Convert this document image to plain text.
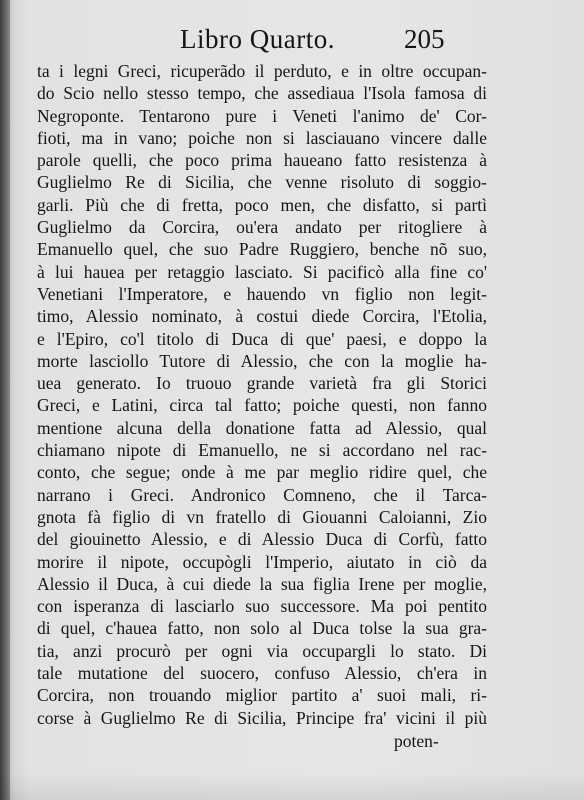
Libro Quarto.	205
ta i legni Greci, ricuperãdo il perduto, e in oltre occupan-
do Scio nello stesso tempo, che assediaua l'Isola famosa di
Negroponte. Tentarono pure i Veneti l'animo de' Cor-
fioti, ma in vano; poiche non si lasciauano vincere dalle
parole quelli, che poco prima haueano fatto resistenza à
Guglielmo Re di Sicilia, che venne risoluto di soggio-
garli. Più che di fretta, poco men, che disfatto, si partì
Guglielmo da Corcira, ou'era andato per ritogliere à
Emanuello quel, che suo Padre Ruggiero, benche nõ suo,
à lui hauea per retaggio lasciato. Si pacificò alla fine co'
Venetiani l'Imperatore, e hauendo vn figlio non legit-
timo, Alessio nominato, à costui diede Corcira, l'Etolia,
e l'Epiro, co'l titolo di Duca di que' paesi, e doppo la
morte lasciollo Tutore di Alessio, che con la moglie ha-
uea generato. Io truouo grande varietà fra gli Storici
Greci, e Latini, circa tal fatto; poiche questi, non fanno
mentione alcuna della donatione fatta ad Alessio, qual
chiamano nipote di Emanuello, ne si accordano nel rac-
conto, che segue; onde à me par meglio ridire quel, che
narrano i Greci. Andronico Comneno, che il Tarca-
gnota fà figlio di vn fratello di Giouanni Caloianni, Zio
del giouinetto Alessio, e di Alessio Duca di Corfù, fatto
morire il nipote, occupògli l'Imperio, aiutato in ciò da
Alessio il Duca, à cui diede la sua figlia Irene per moglie,
con isperanza di lasciarlo suo successore. Ma poi pentito
di quel, c'hauea fatto, non solo al Duca tolse la sua gra-
tia, anzi procurò per ogni via occupargli lo stato. Di
tale mutatione del suocero, confuso Alessio, ch'era in
Corcira, non trouando miglior partito a' suoi mali, ri-
corse à Guglielmo Re di Sicilia, Principe fra' vicini il più
poten-
